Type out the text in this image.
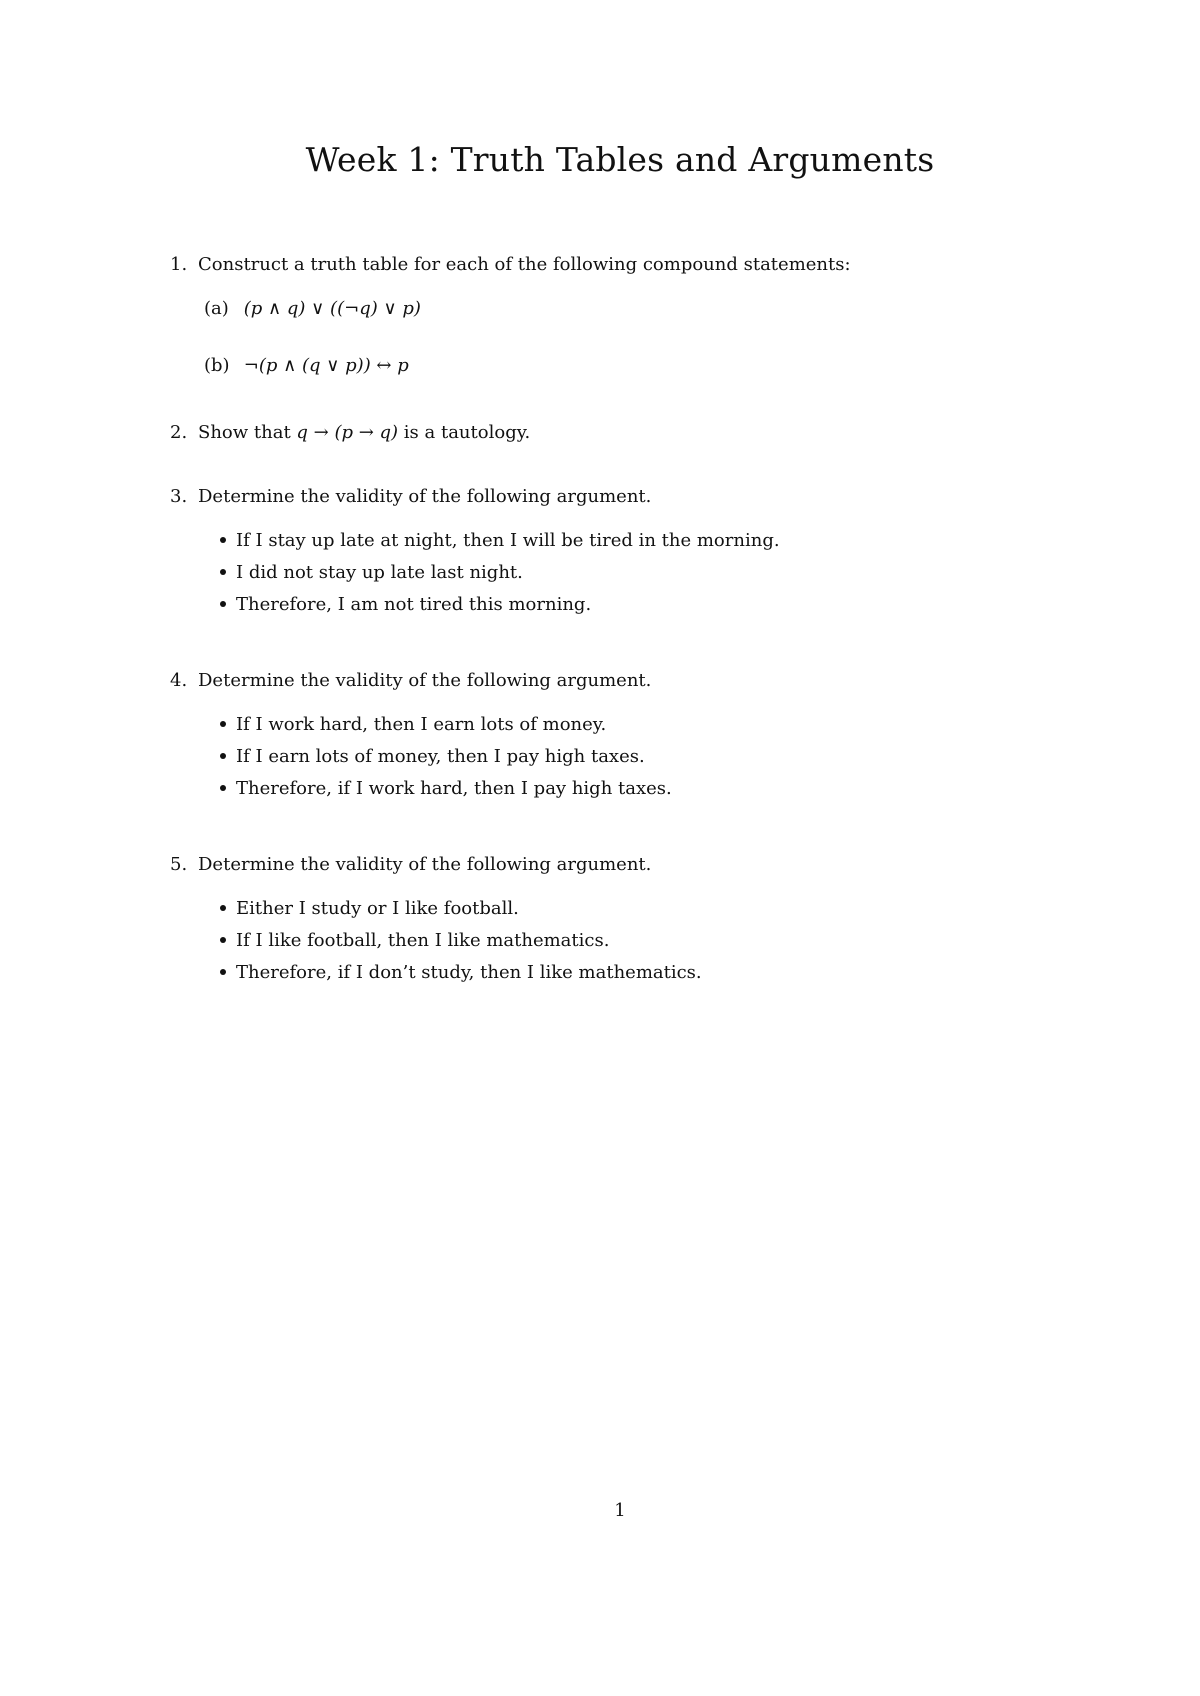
Week 1: Truth Tables and Arguments
1. Construct a truth table for each of the following compound statements:
(a) (p ∧ q) ∨ ((¬q) ∨ p)
(b) ¬(p ∧ (q ∨ p)) ↔ p
2. Show that q → (p → q) is a tautology.
3. Determine the validity of the following argument.
If I stay up late at night, then I will be tired in the morning.
I did not stay up late last night.
Therefore, I am not tired this morning.
4. Determine the validity of the following argument.
If I work hard, then I earn lots of money.
If I earn lots of money, then I pay high taxes.
Therefore, if I work hard, then I pay high taxes.
5. Determine the validity of the following argument.
Either I study or I like football.
If I like football, then I like mathematics.
Therefore, if I don’t study, then I like mathematics.
1
